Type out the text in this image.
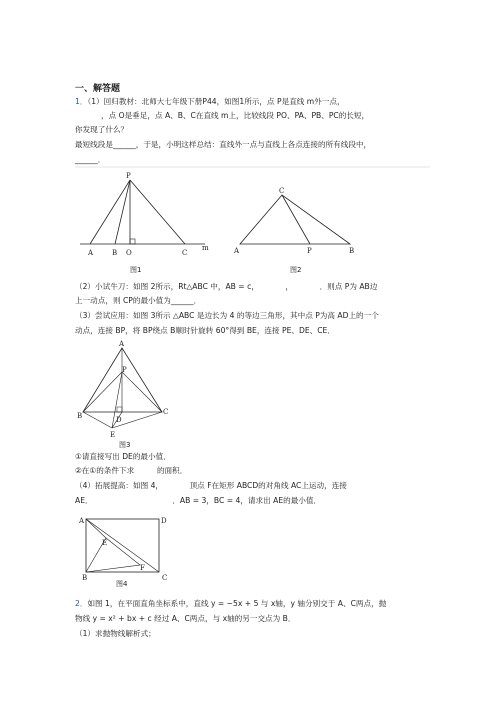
一、解答题
1．（1）回归教材：北师大七年级下册P44，如图1所示，点 P是直线 m外一点，
，点 O是垂足，点 A、B、C在直线 m上，比较线段 PO、PA、PB、PC的长短，
你发现了什么？
最短线段是______，于是，小明这样总结：直线外一点与直线上各点连接的所有线段中，
______．
P
A	B O	C
m
图1
C
A	P	B
图2
A
P
B	D
C
E
图3
A	D
E
F
B	C
图4
（2）小试牛刀：如图 2所示，Rt△ABC 中，AB = c，　　　　，　　　　．则点 P为 AB边
上一动点，则 CP的最小值为______．
（3）尝试应用：如图 3所示 △ABC 是边长为 4 的等边三角形，其中点 P为高 AD上的一个
动点，连接 BP，将 BP绕点 B顺时针旋转 60°得到 BE，连接 PE、DE、CE．
①请直接写出 DE的最小值．
②在①的条件下求　　　的面积．
（4）拓展提高：如图 4，　　　　顶点 F在矩形 ABCD的对角线 AC上运动，连接
AE．　　　　　　　　　　　．AB = 3，BC = 4，请求出 AE的最小值．
2．如图 1，在平面直角坐标系中，直线 y = −5x + 5 与 x轴，y 轴分别交于 A、C两点，抛
物线 y = x² + bx + c 经过 A、C两点，与 x轴的另一交点为 B．
（1）求抛物线解析式；
